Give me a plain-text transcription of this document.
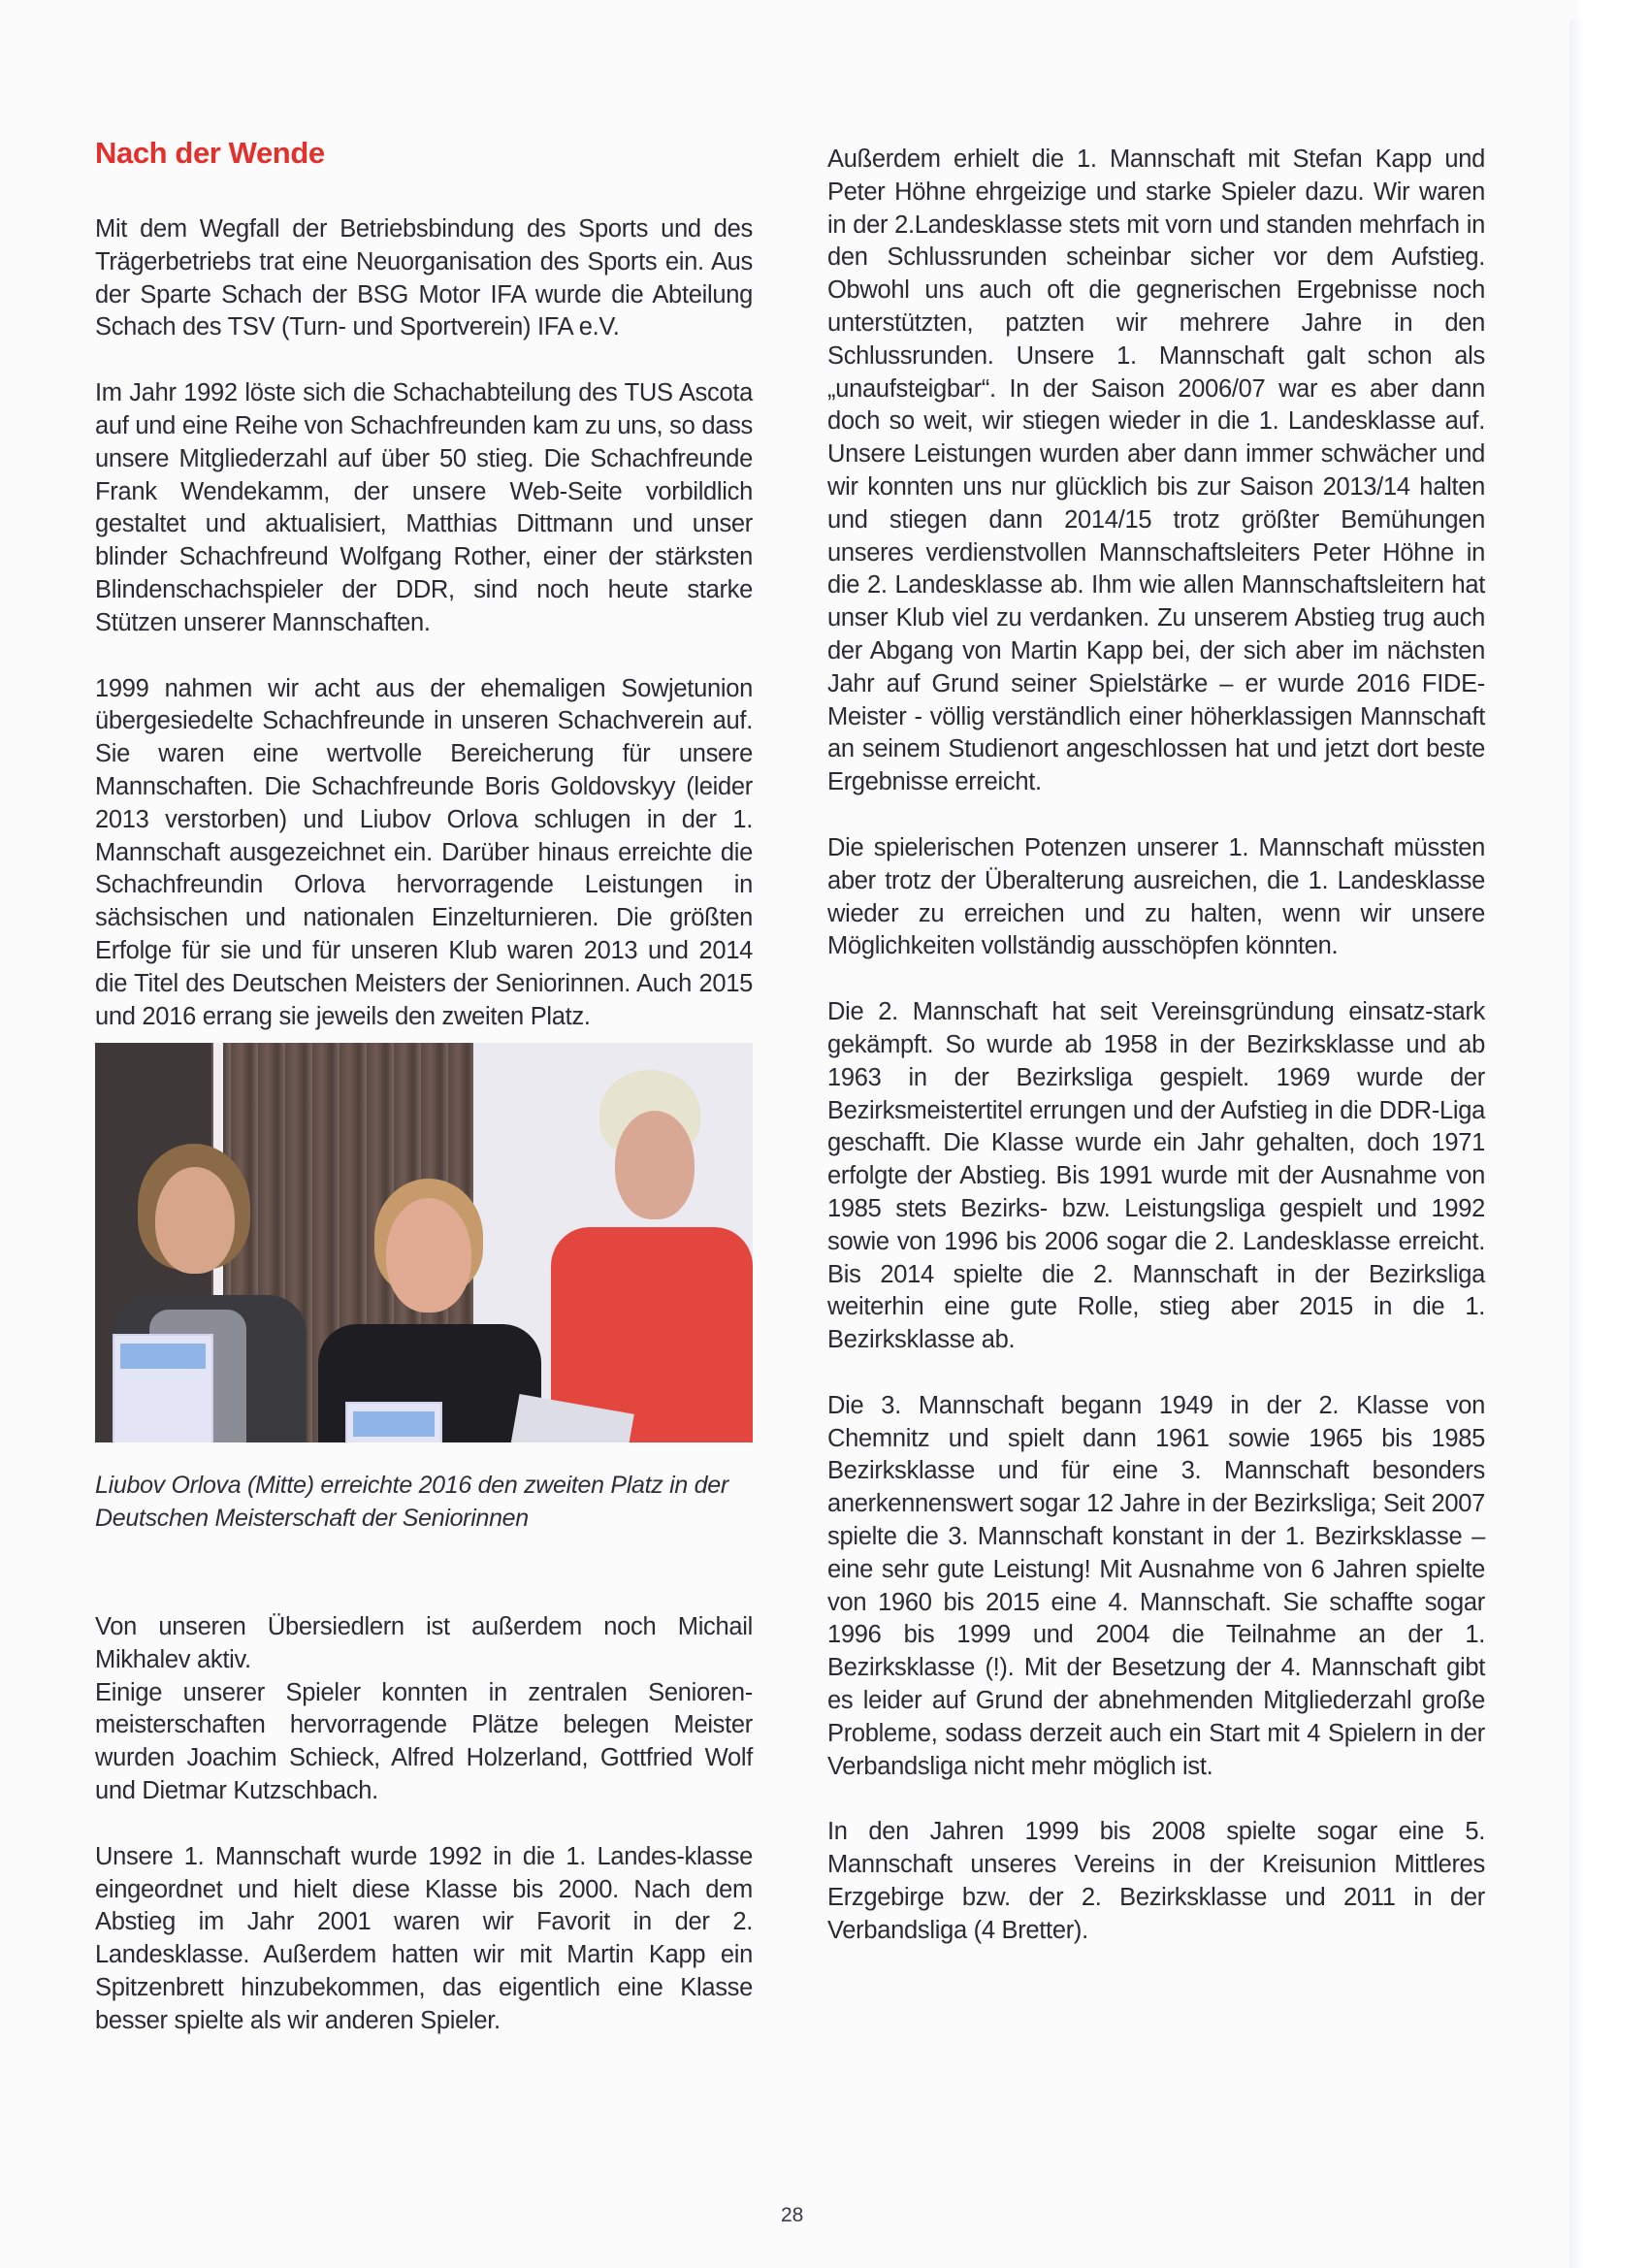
Nach der Wende

Mit dem Wegfall der Betriebsbindung des Sports und des Trägerbetriebs trat eine Neuorganisation des Sports ein. Aus der Sparte Schach der BSG Motor IFA wurde die Abteilung Schach des TSV (Turn- und Sportverein) IFA e.V.

Im Jahr 1992 löste sich die Schachabteilung des TUS Ascota auf und eine Reihe von Schachfreunden kam zu uns, so dass unsere Mitgliederzahl auf über 50 stieg. Die Schachfreunde Frank Wendekamm, der unsere Web-Seite vorbildlich gestaltet und aktualisiert, Matthias Dittmann und unser blinder Schachfreund Wolfgang Rother, einer der stärksten Blindenschachspieler der DDR, sind noch heute starke Stützen unserer Mannschaften.

1999 nahmen wir acht aus der ehemaligen Sowjetunion übergesiedelte Schachfreunde in unseren Schachverein auf. Sie waren eine wertvolle Bereicherung für unsere Mannschaften. Die Schachfreunde Boris Goldovskyy (leider 2013 verstorben) und Liubov Orlova schlugen in der 1. Mannschaft ausgezeichnet ein. Darüber hinaus erreichte die Schachfreundin Orlova hervorragende Leistungen in sächsischen und nationalen Einzelturnieren. Die größten Erfolge für sie und für unseren Klub waren 2013 und 2014 die Titel des Deutschen Meisters der Seniorinnen. Auch 2015 und 2016 errang sie jeweils den zweiten Platz.

Liubov Orlova (Mitte) erreichte 2016 den zweiten Platz in der Deutschen Meisterschaft der Seniorinnen

Von unseren Übersiedlern ist außerdem noch Michail Mikhalev aktiv.

Einige unserer Spieler konnten in zentralen Senioren-meisterschaften hervorragende Plätze belegen Meister wurden Joachim Schieck, Alfred Holzerland, Gottfried Wolf und Dietmar Kutzschbach.

Unsere 1. Mannschaft wurde 1992 in die 1. Landes-klasse eingeordnet und hielt diese Klasse bis 2000. Nach dem Abstieg im Jahr 2001 waren wir Favorit in der 2. Landesklasse. Außerdem hatten wir mit Martin Kapp ein Spitzenbrett hinzubekommen, das eigentlich eine Klasse besser spielte als wir anderen Spieler.

Außerdem erhielt die 1. Mannschaft mit Stefan Kapp und Peter Höhne ehrgeizige und starke Spieler dazu. Wir waren in der 2.Landesklasse stets mit vorn und standen mehrfach in den Schlussrunden scheinbar sicher vor dem Aufstieg. Obwohl uns auch oft die gegnerischen Ergebnisse noch unterstützten, patzten wir mehrere Jahre in den Schlussrunden. Unsere 1. Mannschaft galt schon als „unaufsteigbar“. In der Saison 2006/07 war es aber dann doch so weit, wir stiegen wieder in die 1. Landesklasse auf. Unsere Leistungen wurden aber dann immer schwächer und wir konnten uns nur glücklich bis zur Saison 2013/14 halten und stiegen dann 2014/15 trotz größter Bemühungen unseres verdienstvollen Mannschaftsleiters Peter Höhne in die 2. Landesklasse ab. Ihm wie allen Mannschaftsleitern hat unser Klub viel zu verdanken. Zu unserem Abstieg trug auch der Abgang von Martin Kapp bei, der sich aber im nächsten Jahr auf Grund seiner Spielstärke – er wurde 2016 FIDE-Meister - völlig verständlich einer höherklassigen Mannschaft an seinem Studienort angeschlossen hat und jetzt dort beste Ergebnisse erreicht.

Die spielerischen Potenzen unserer 1. Mannschaft müssten aber trotz der Überalterung ausreichen, die 1. Landesklasse wieder zu erreichen und zu halten, wenn wir unsere Möglichkeiten vollständig ausschöpfen könnten.

Die 2. Mannschaft hat seit Vereinsgründung einsatz-stark gekämpft. So wurde ab 1958 in der Bezirksklasse und ab 1963 in der Bezirksliga gespielt. 1969 wurde der Bezirksmeistertitel errungen und der Aufstieg in die DDR-Liga geschafft. Die Klasse wurde ein Jahr gehalten, doch 1971 erfolgte der Abstieg. Bis 1991 wurde mit der Ausnahme von 1985 stets Bezirks- bzw. Leistungsliga gespielt und 1992 sowie von 1996 bis 2006 sogar die 2. Landesklasse erreicht. Bis 2014 spielte die 2. Mannschaft in der Bezirksliga weiterhin eine gute Rolle, stieg aber 2015 in die 1. Bezirksklasse ab.

Die 3. Mannschaft begann 1949 in der 2. Klasse von Chemnitz und spielt dann 1961 sowie 1965 bis 1985 Bezirksklasse und für eine 3. Mannschaft besonders anerkennenswert sogar 12 Jahre in der Bezirksliga; Seit 2007 spielte die 3. Mannschaft konstant in der 1. Bezirksklasse – eine sehr gute Leistung! Mit Ausnahme von 6 Jahren spielte von 1960 bis 2015 eine 4. Mannschaft. Sie schaffte sogar 1996 bis 1999 und 2004 die Teilnahme an der 1. Bezirksklasse (!). Mit der Besetzung der 4. Mannschaft gibt es leider auf Grund der abnehmenden Mitgliederzahl große Probleme, sodass derzeit auch ein Start mit 4 Spielern in der Verbandsliga nicht mehr möglich ist.

In den Jahren 1999 bis 2008 spielte sogar eine 5. Mannschaft unseres Vereins in der Kreisunion Mittleres Erzgebirge bzw. der 2. Bezirksklasse und 2011 in der Verbandsliga (4 Bretter).

28
